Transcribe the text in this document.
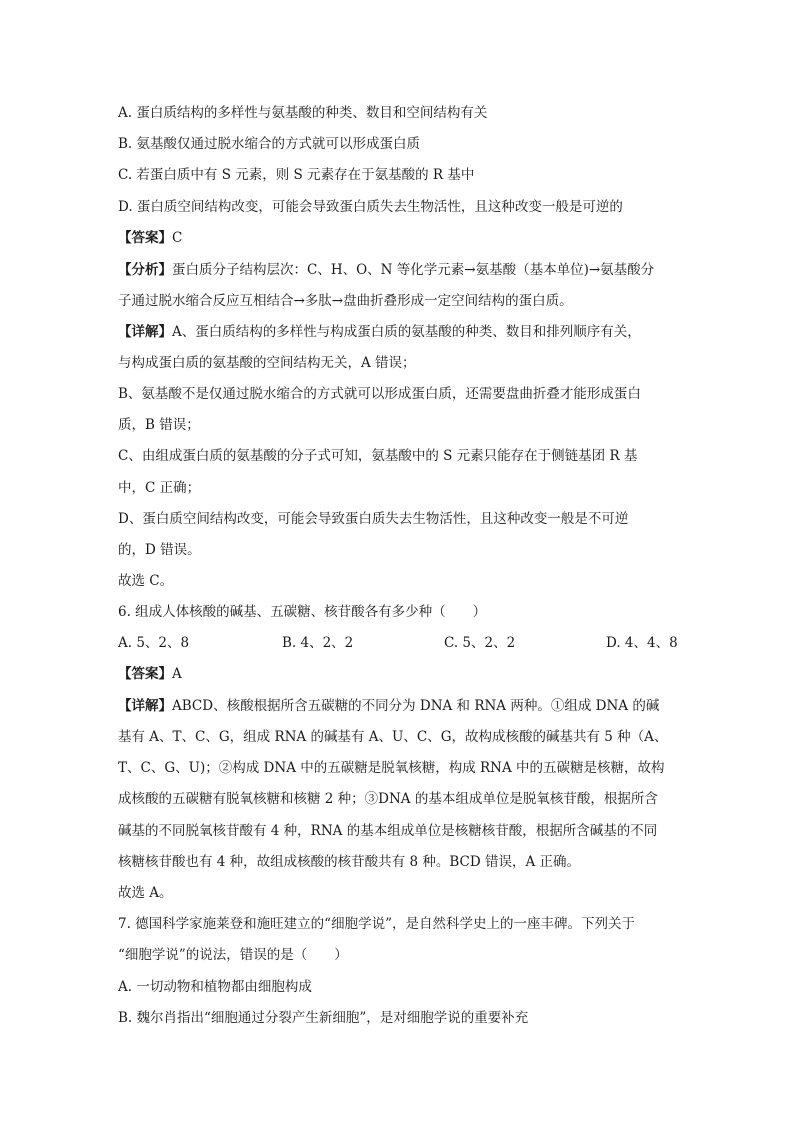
A. 蛋白质结构的多样性与氨基酸的种类、数目和空间结构有关
B. 氨基酸仅通过脱水缩合的方式就可以形成蛋白质
C. 若蛋白质中有 S 元素，则 S 元素存在于氨基酸的 R 基中
D. 蛋白质空间结构改变，可能会导致蛋白质失去生物活性，且这种改变一般是可逆的
【答案】C
【分析】蛋白质分子结构层次：C、H、O、N 等化学元素→氨基酸（基本单位)→氨基酸分
子通过脱水缩合反应互相结合→多肽→盘曲折叠形成一定空间结构的蛋白质。
【详解】A、蛋白质结构的多样性与构成蛋白质的氨基酸的种类、数目和排列顺序有关，
与构成蛋白质的氨基酸的空间结构无关，A 错误；
B、氨基酸不是仅通过脱水缩合的方式就可以形成蛋白质，还需要盘曲折叠才能形成蛋白
质，B 错误；
C、由组成蛋白质的氨基酸的分子式可知，氨基酸中的 S 元素只能存在于侧链基团 R 基
中，C 正确；
D、蛋白质空间结构改变，可能会导致蛋白质失去生物活性，且这种改变一般是不可逆
的，D 错误。
故选 C。
6. 组成人体核酸的碱基、五碳糖、核苷酸各有多少种（　　）
A. 5、2、8	B. 4、2、2	C. 5、2、2	D. 4、4、8
【答案】A
【详解】ABCD、核酸根据所含五碳糖的不同分为 DNA 和 RNA 两种。①组成 DNA 的碱
基有 A、T、C、G，组成 RNA 的碱基有 A、U、C、G，故构成核酸的碱基共有 5 种（A、
T、C、G、U)；②构成 DNA 中的五碳糖是脱氧核糖，构成 RNA 中的五碳糖是核糖，故构
成核酸的五碳糖有脱氧核糖和核糖 2 种；③DNA 的基本组成单位是脱氧核苷酸，根据所含
碱基的不同脱氧核苷酸有 4 种，RNA 的基本组成单位是核糖核苷酸，根据所含碱基的不同
核糖核苷酸也有 4 种，故组成核酸的核苷酸共有 8 种。BCD 错误，A 正确。
故选 A。
7. 德国科学家施莱登和施旺建立的“细胞学说”，是自然科学史上的一座丰碑。下列关于
“细胞学说”的说法，错误的是（　　）
A. 一切动物和植物都由细胞构成
B. 魏尔肖指出“细胞通过分裂产生新细胞”，是对细胞学说的重要补充
